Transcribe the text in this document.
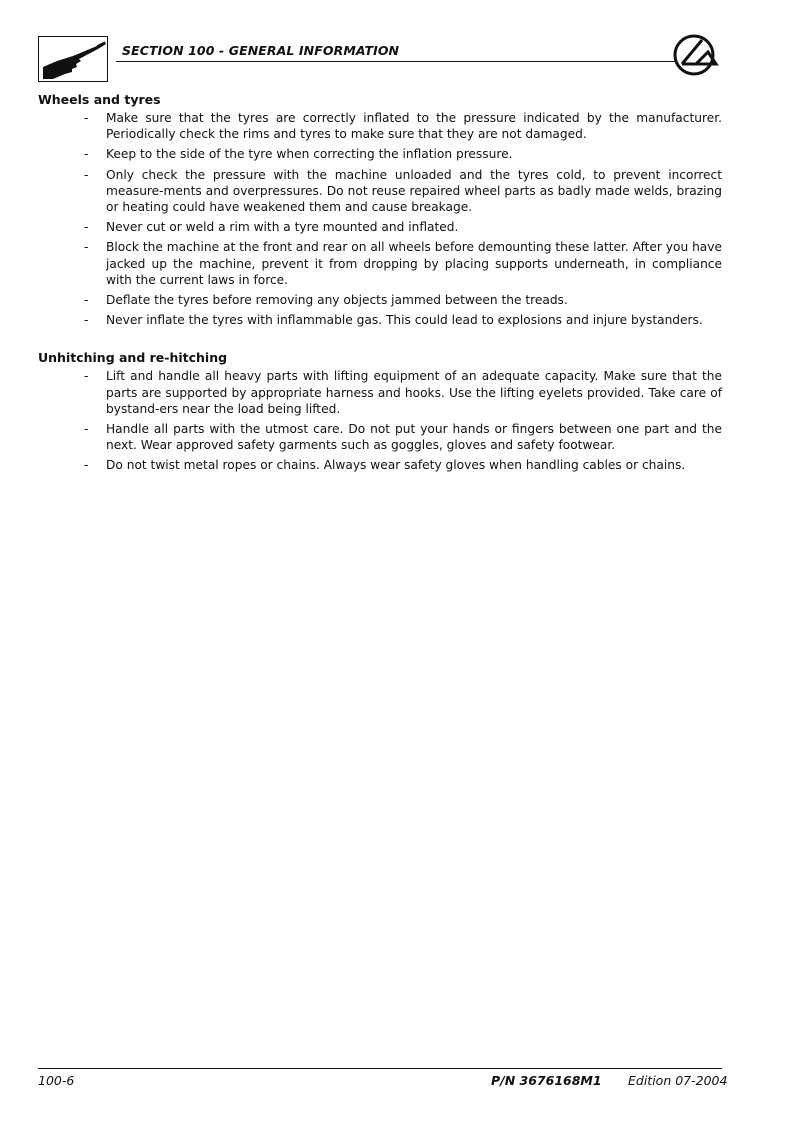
SECTION 100 - GENERAL INFORMATION
Wheels and tyres
- Make sure that the tyres are correctly inflated to the pressure indicated by the manufacturer. Periodically check the rims and tyres to make sure that they are not damaged.
- Keep to the side of the tyre when correcting the inflation pressure.
- Only check the pressure with the machine unloaded and the tyres cold, to prevent incorrect measure-ments and overpressures. Do not reuse repaired wheel parts as badly made welds, brazing or heating could have weakened them and cause breakage.
- Never cut or weld a rim with a tyre mounted and inflated.
- Block the machine at the front and rear on all wheels before demounting these latter. After you have jacked up the machine, prevent it from dropping by placing supports underneath, in compliance with the current laws in force.
- Deflate the tyres before removing any objects jammed between the treads.
- Never inflate the tyres with inflammable gas. This could lead to explosions and injure bystanders.
Unhitching and re-hitching
- Lift and handle all heavy parts with lifting equipment of an adequate capacity. Make sure that the parts are supported by appropriate harness and hooks. Use the lifting eyelets provided. Take care of bystand-ers near the load being lifted.
- Handle all parts with the utmost care. Do not put your hands or fingers between one part and the next. Wear approved safety garments such as goggles, gloves and safety footwear.
- Do not twist metal ropes or chains. Always wear safety gloves when handling cables or chains.
100-6	P/N 3676168M1 Edition 07-2004
